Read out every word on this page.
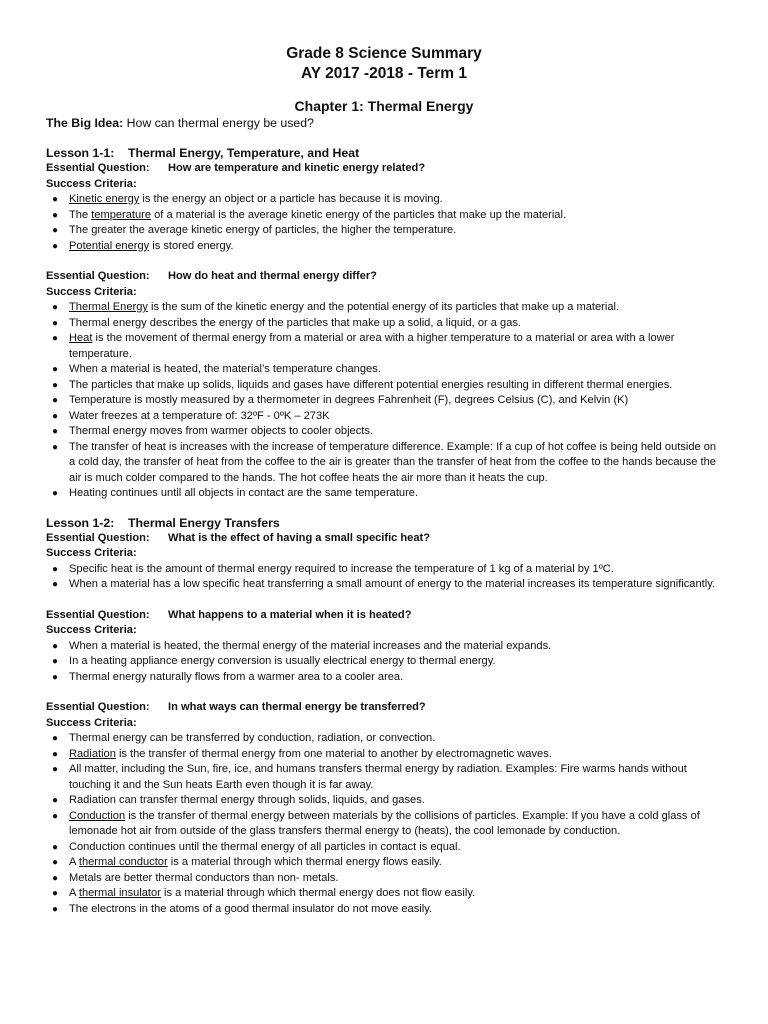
Grade 8 Science Summary
AY 2017 -2018 - Term 1
Chapter 1: Thermal Energy
The Big Idea: How can thermal energy be used?
Lesson 1-1:	Thermal Energy, Temperature, and Heat
Essential Question:	How are temperature and kinetic energy related?
Success Criteria:
● Kinetic energy is the energy an object or a particle has because it is moving.
● The temperature of a material is the average kinetic energy of the particles that make up the material.
● The greater the average kinetic energy of particles, the higher the temperature.
● Potential energy is stored energy.
Essential Question:	How do heat and thermal energy differ?
Success Criteria:
● Thermal Energy is the sum of the kinetic energy and the potential energy of its particles that make up a material.
● Thermal energy describes the energy of the particles that make up a solid, a liquid, or a gas.
● Heat is the movement of thermal energy from a material or area with a higher temperature to a material or area with a lower temperature.
● When a material is heated, the material’s temperature changes.
● The particles that make up solids, liquids and gases have different potential energies resulting in different thermal energies.
● Temperature is mostly measured by a thermometer in degrees Fahrenheit (F), degrees Celsius (C), and Kelvin (K)
● Water freezes at a temperature of: 32ºF - 0ºK – 273K
● Thermal energy moves from warmer objects to cooler objects.
● The transfer of heat is increases with the increase of temperature difference. Example: If a cup of hot coffee is being held outside on a cold day, the transfer of heat from the coffee to the air is greater than the transfer of heat from the coffee to the hands because the air is much colder compared to the hands. The hot coffee heats the air more than it heats the cup.
● Heating continues until all objects in contact are the same temperature.
Lesson 1-2:	Thermal Energy Transfers
Essential Question:	What is the effect of having a small specific heat?
Success Criteria:
● Specific heat is the amount of thermal energy required to increase the temperature of 1 kg of a material by 1ºC.
● When a material has a low specific heat transferring a small amount of energy to the material increases its temperature significantly.
Essential Question:	What happens to a material when it is heated?
Success Criteria:
● When a material is heated, the thermal energy of the material increases and the material expands.
● In a heating appliance energy conversion is usually electrical energy to thermal energy.
● Thermal energy naturally flows from a warmer area to a cooler area.
Essential Question:	In what ways can thermal energy be transferred?
Success Criteria:
● Thermal energy can be transferred by conduction, radiation, or convection.
● Radiation is the transfer of thermal energy from one material to another by electromagnetic waves.
● All matter, including the Sun, fire, ice, and humans transfers thermal energy by radiation. Examples: Fire warms hands without touching it and the Sun heats Earth even though it is far away.
● Radiation can transfer thermal energy through solids, liquids, and gases.
● Conduction is the transfer of thermal energy between materials by the collisions of particles. Example: If you have a cold glass of lemonade hot air from outside of the glass transfers thermal energy to (heats), the cool lemonade by conduction.
● Conduction continues until the thermal energy of all particles in contact is equal.
● A thermal conductor is a material through which thermal energy flows easily.
● Metals are better thermal conductors than non- metals.
● A thermal insulator is a material through which thermal energy does not flow easily.
● The electrons in the atoms of a good thermal insulator do not move easily.
